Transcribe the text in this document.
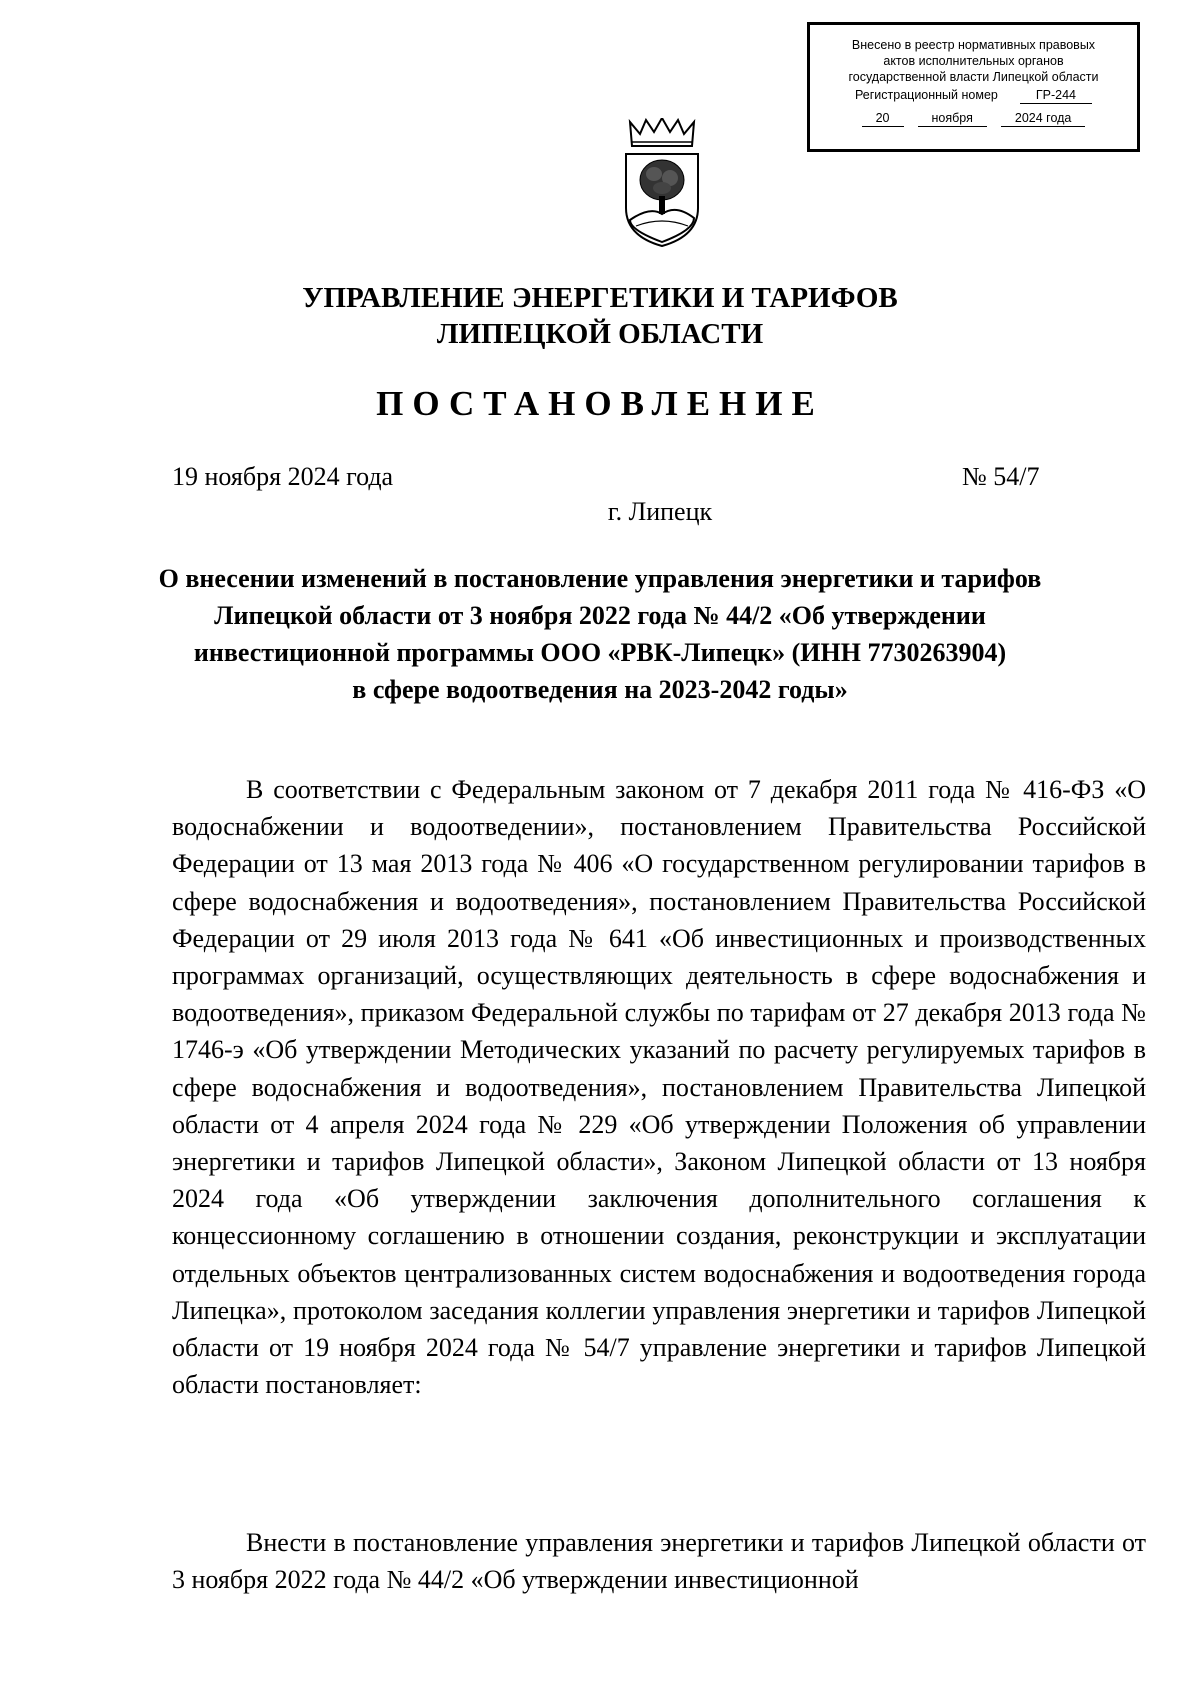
Внесено в реестр нормативных правовых
актов исполнительных органов
государственной власти Липецкой области
Регистрационный номер	ГР-244
20	ноября	2024 года
УПРАВЛЕНИЕ ЭНЕРГЕТИКИ И ТАРИФОВ
ЛИПЕЦКОЙ ОБЛАСТИ
ПОСТАНОВЛЕНИЕ
19 ноября 2024 года	№ 54/7
г. Липецк
О внесении изменений в постановление управления энергетики и тарифов
Липецкой области от 3 ноября 2022 года № 44/2 «Об утверждении
инвестиционной программы ООО «РВК-Липецк» (ИНН 7730263904)
в сфере водоотведения на 2023-2042 годы»

В соответствии с Федеральным законом от 7 декабря 2011 года № 416-ФЗ «О водоснабжении и водоотведении», постановлением Правительства Российской Федерации от 13 мая 2013 года № 406 «О государственном регулировании тарифов в сфере водоснабжения и водоотведения», постановлением Правительства Российской Федерации от 29 июля 2013 года № 641 «Об инвестиционных и производственных программах организаций, осуществляющих деятельность в сфере водоснабжения и водоотведения», приказом Федеральной службы по тарифам от 27 декабря 2013 года № 1746-э «Об утверждении Методических указаний по расчету регулируемых тарифов в сфере водоснабжения и водоотведения», постановлением Правительства Липецкой области от 4 апреля 2024 года № 229 «Об утверждении Положения об управлении энергетики и тарифов Липецкой области», Законом Липецкой области от 13 ноября 2024 года «Об утверждении заключения дополнительного соглашения к концессионному соглашению в отношении создания, реконструкции и эксплуатации отдельных объектов централизованных систем водоснабжения и водоотведения города Липецка», протоколом заседания коллегии управления энергетики и тарифов Липецкой области от 19 ноября 2024 года № 54/7 управление энергетики и тарифов Липецкой области постановляет:

Внести в постановление управления энергетики и тарифов Липецкой области от 3 ноября 2022 года № 44/2 «Об утверждении инвестиционной
